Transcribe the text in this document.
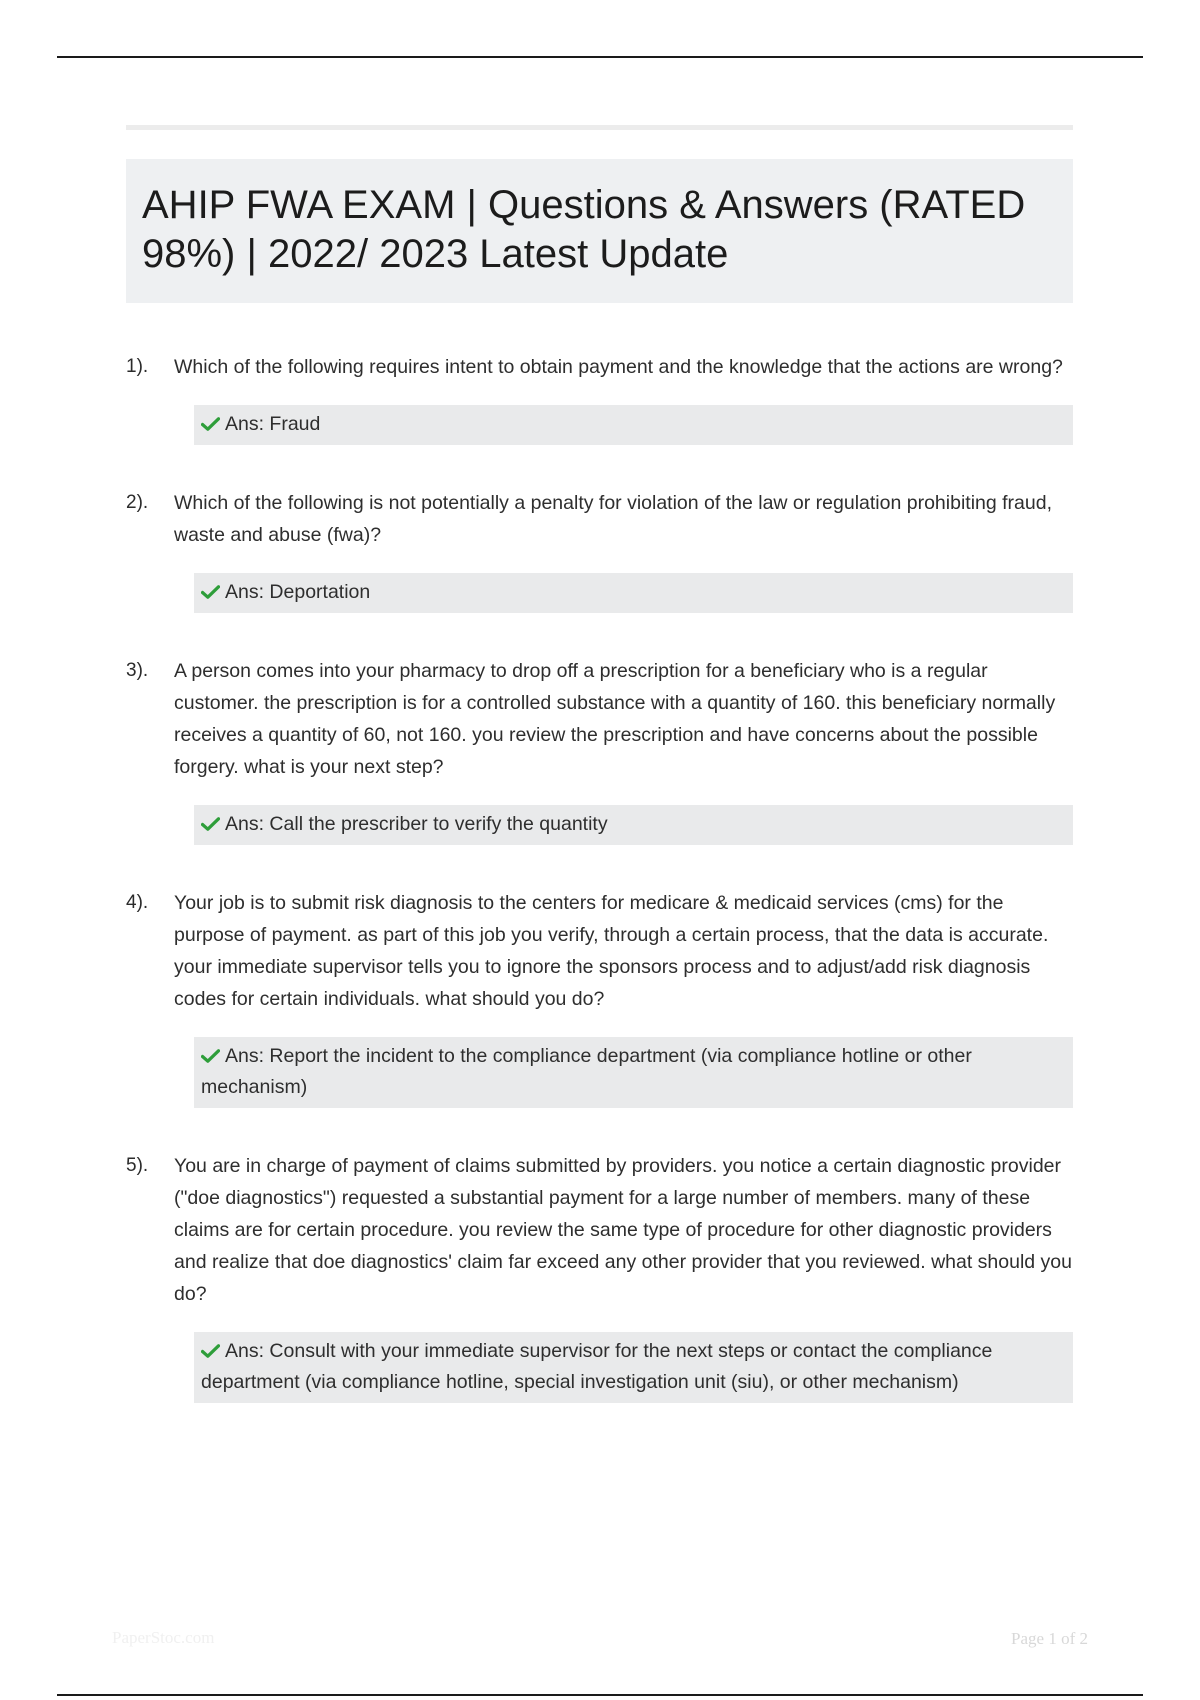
AHIP FWA EXAM | Questions & Answers (RATED 98%) | 2022/ 2023 Latest Update
1).	Which of the following requires intent to obtain payment and the knowledge that the actions are wrong?
Ans: Fraud
2).	Which of the following is not potentially a penalty for violation of the law or regulation prohibiting fraud, waste and abuse (fwa)?
Ans: Deportation
3).	A person comes into your pharmacy to drop off a prescription for a beneficiary who is a regular customer. the prescription is for a controlled substance with a quantity of 160. this beneficiary normally receives a quantity of 60, not 160. you review the prescription and have concerns about the possible forgery. what is your next step?
Ans: Call the prescriber to verify the quantity
4).	Your job is to submit risk diagnosis to the centers for medicare & medicaid services (cms) for the purpose of payment. as part of this job you verify, through a certain process, that the data is accurate. your immediate supervisor tells you to ignore the sponsors process and to adjust/add risk diagnosis codes for certain individuals. what should you do?
Ans: Report the incident to the compliance department (via compliance hotline or other mechanism)
5).	You are in charge of payment of claims submitted by providers. you notice a certain diagnostic provider ("doe diagnostics") requested a substantial payment for a large number of members. many of these claims are for certain procedure. you review the same type of procedure for other diagnostic providers and realize that doe diagnostics' claim far exceed any other provider that you reviewed. what should you do?
Ans: Consult with your immediate supervisor for the next steps or contact the compliance department (via compliance hotline, special investigation unit (siu), or other mechanism)
PaperStoc.com	Page 1 of 2
